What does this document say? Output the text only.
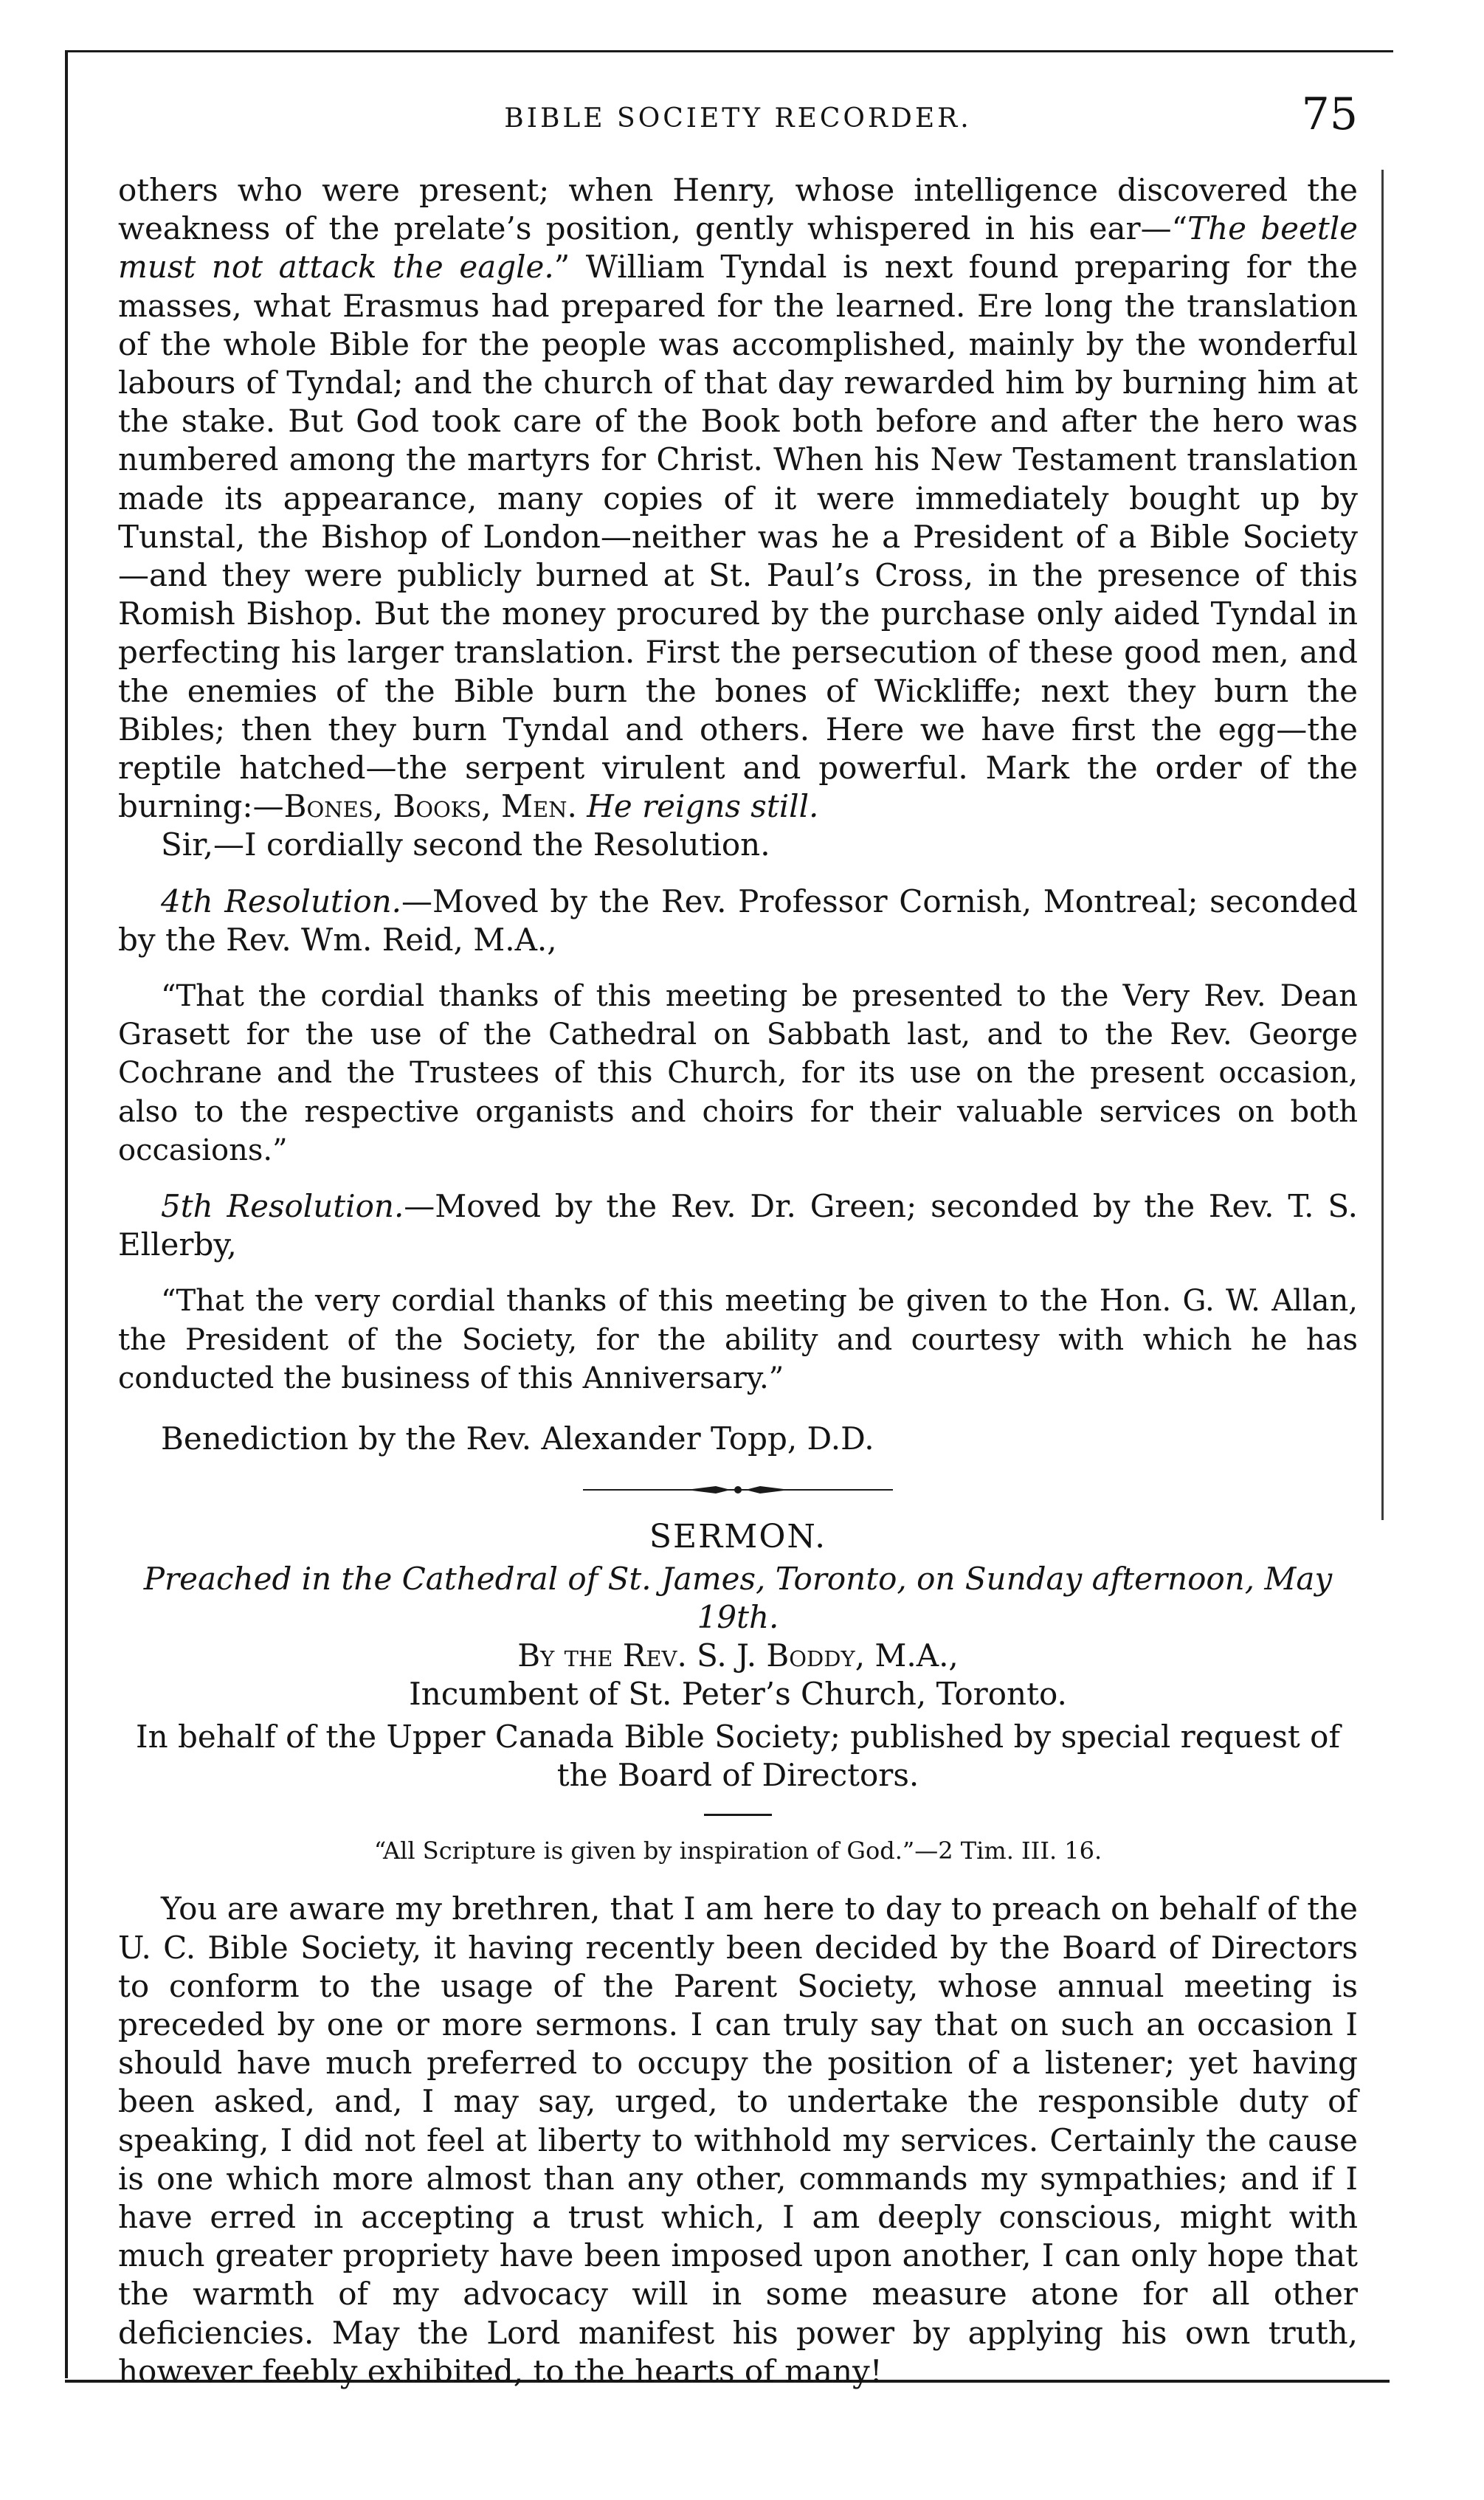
BIBLE SOCIETY RECORDER.	75

others who were present; when Henry, whose intelligence discovered the weakness of the prelate’s position, gently whispered in his ear—“The beetle must not attack the eagle.” William Tyndal is next found preparing for the masses, what Erasmus had prepared for the learned. Ere long the translation of the whole Bible for the people was accomplished, mainly by the wonderful labours of Tyndal; and the church of that day rewarded him by burning him at the stake. But God took care of the Book both before and after the hero was numbered among the martyrs for Christ. When his New Testament translation made its appearance, many copies of it were immediately bought up by Tunstal, the Bishop of London—neither was he a President of a Bible Society—and they were publicly burned at St. Paul’s Cross, in the presence of this Romish Bishop. But the money procured by the purchase only aided Tyndal in perfecting his larger translation. First the persecution of these good men, and the enemies of the Bible burn the bones of Wickliffe; next they burn the Bibles; then they burn Tyndal and others. Here we have first the egg—the reptile hatched—the serpent virulent and powerful. Mark the order of the burning:—Bones, Books, Men. He reigns still.

Sir,—I cordially second the Resolution.

4th Resolution.—Moved by the Rev. Professor Cornish, Montreal; seconded by the Rev. Wm. Reid, M.A.,

“That the cordial thanks of this meeting be presented to the Very Rev. Dean Grasett for the use of the Cathedral on Sabbath last, and to the Rev. George Cochrane and the Trustees of this Church, for its use on the present occasion, also to the respective organists and choirs for their valuable services on both occasions.”

5th Resolution.—Moved by the Rev. Dr. Green; seconded by the Rev. T. S. Ellerby,

“That the very cordial thanks of this meeting be given to the Hon. G. W. Allan, the President of the Society, for the ability and courtesy with which he has conducted the business of this Anniversary.”

Benediction by the Rev. Alexander Topp, D.D.

SERMON.

Preached in the Cathedral of St. James, Toronto, on Sunday afternoon, May 19th.

By the Rev. S. J. Boddy, M.A.,

Incumbent of St. Peter’s Church, Toronto.

In behalf of the Upper Canada Bible Society; published by special request of the Board of Directors.

“All Scripture is given by inspiration of God.”—2 Tim. III. 16.

You are aware my brethren, that I am here to day to preach on behalf of the U. C. Bible Society, it having recently been decided by the Board of Directors to conform to the usage of the Parent Society, whose annual meeting is preceded by one or more sermons. I can truly say that on such an occasion I should have much preferred to occupy the position of a listener; yet having been asked, and, I may say, urged, to undertake the responsible duty of speaking, I did not feel at liberty to withhold my services. Certainly the cause is one which more almost than any other, commands my sympathies; and if I have erred in accepting a trust which, I am deeply conscious, might with much greater propriety have been imposed upon another, I can only hope that the warmth of my advocacy will in some measure atone for all other deficiencies. May the Lord manifest his power by applying his own truth, however feebly exhibited, to the hearts of many!
